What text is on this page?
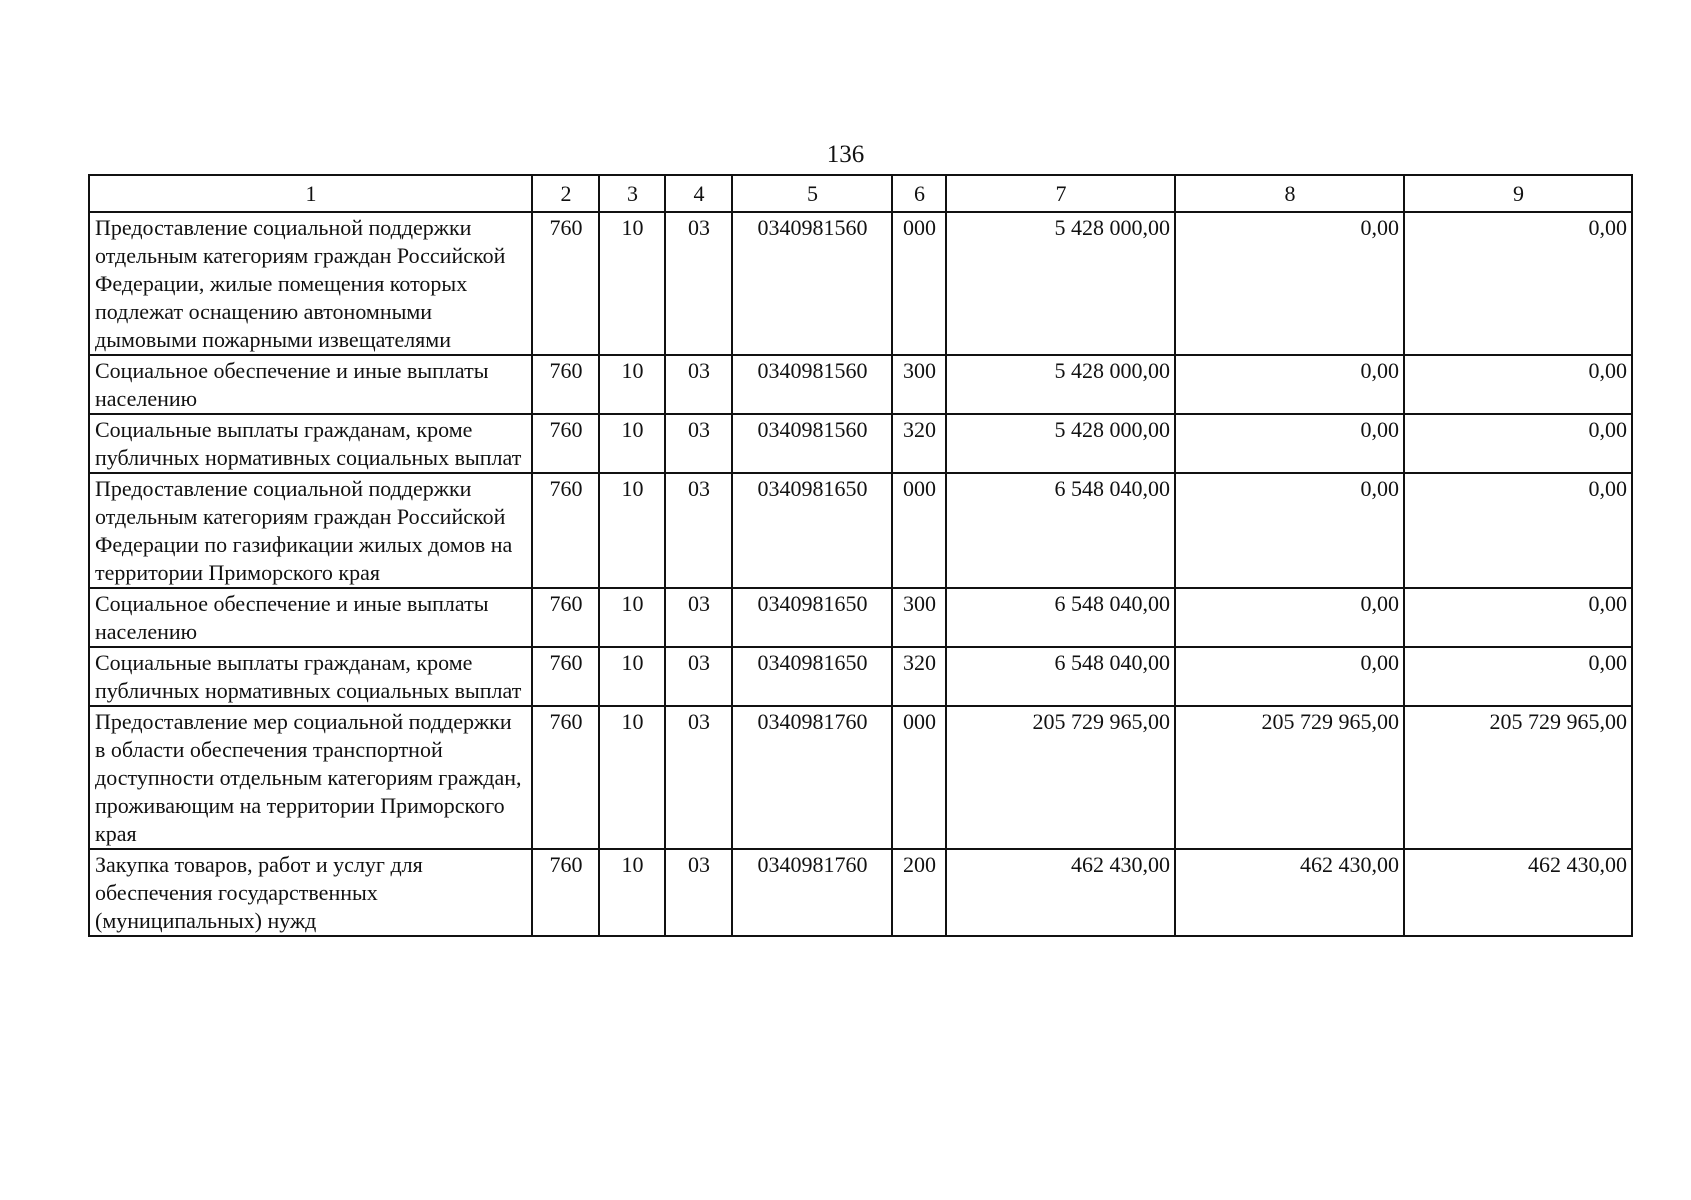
136
1	2	3	4	5	6	7	8	9
Предоставление социальной поддержки отдельным категориям граждан Российской Федерации, жилые помещения которых подлежат оснащению автономными дымовыми пожарными извещателями	760	10	03	0340981560	000	5 428 000,00	0,00	0,00
Социальное обеспечение и иные выплаты населению	760	10	03	0340981560	300	5 428 000,00	0,00	0,00
Социальные выплаты гражданам, кроме публичных нормативных социальных выплат	760	10	03	0340981560	320	5 428 000,00	0,00	0,00
Предоставление социальной поддержки отдельным категориям граждан Российской Федерации по газификации жилых домов на территории Приморского края	760	10	03	0340981650	000	6 548 040,00	0,00	0,00
Социальное обеспечение и иные выплаты населению	760	10	03	0340981650	300	6 548 040,00	0,00	0,00
Социальные выплаты гражданам, кроме публичных нормативных социальных выплат	760	10	03	0340981650	320	6 548 040,00	0,00	0,00
Предоставление мер социальной поддержки в области обеспечения транспортной доступности отдельным категориям граждан, проживающим на территории Приморского края	760	10	03	0340981760	000	205 729 965,00	205 729 965,00	205 729 965,00
Закупка товаров, работ и услуг для обеспечения государственных (муниципальных) нужд	760	10	03	0340981760	200	462 430,00	462 430,00	462 430,00
